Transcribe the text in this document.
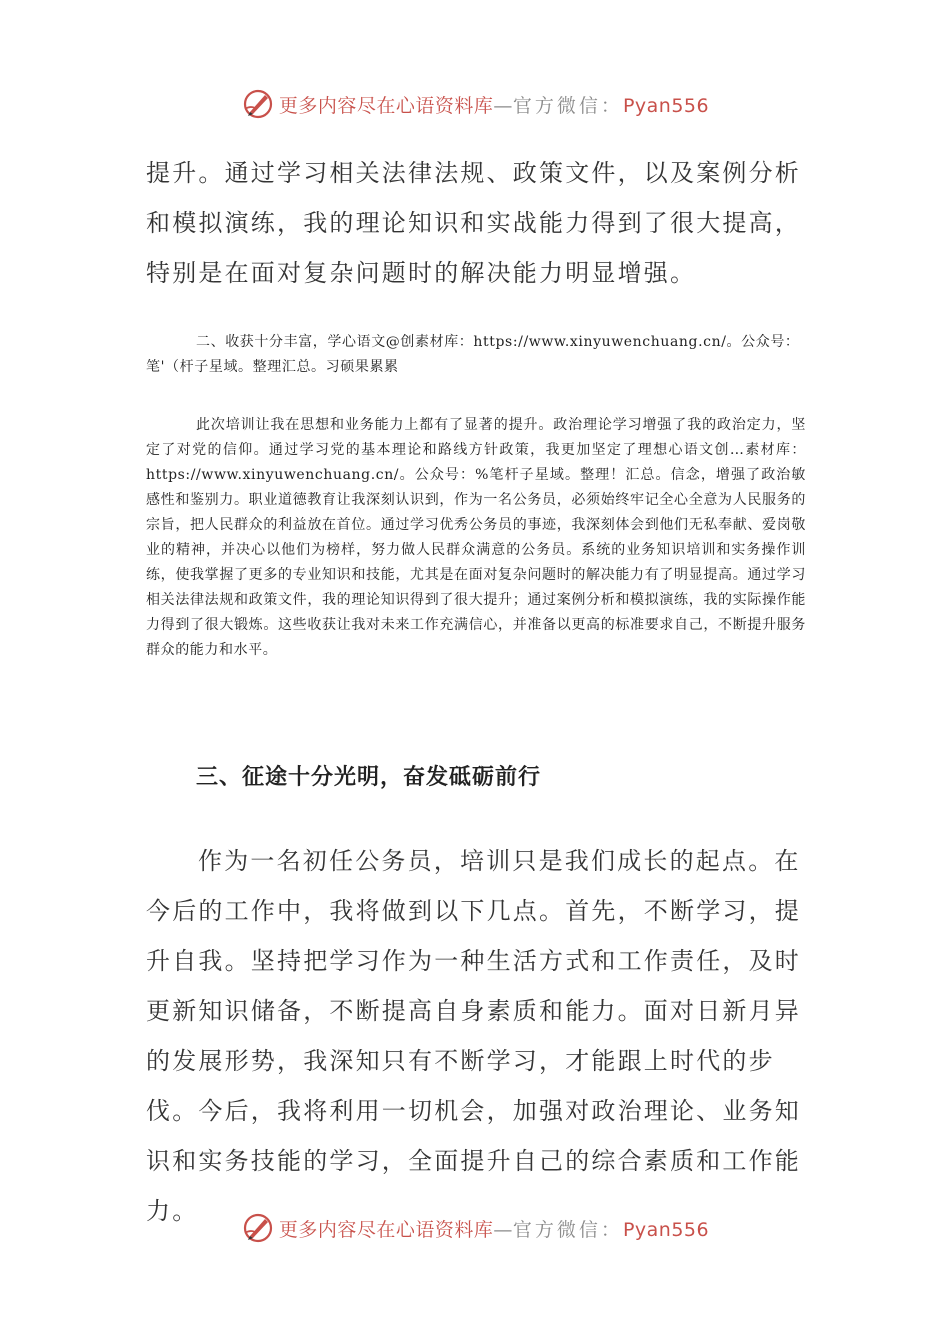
更多内容尽在心语资料库—官方微信：Pyan556

提升。通过学习相关法律法规、政策文件，以及案例分析和模拟演练，我的理论知识和实战能力得到了很大提高，特别是在面对复杂问题时的解决能力明显增强。

二、收获十分丰富，学心语文@创素材库：https://www.xinyuwenchuang.cn/。公众号：笔'（杆子星域。整理汇总。习硕果累累

此次培训让我在思想和业务能力上都有了显著的提升。政治理论学习增强了我的政治定力，坚定了对党的信仰。通过学习党的基本理论和路线方针政策，我更加坚定了理想心语文创…素材库：https://www.xinyuwenchuang.cn/。公众号：%笔杆子星域。整理！汇总。信念，增强了政治敏感性和鉴别力。职业道德教育让我深刻认识到，作为一名公务员，必须始终牢记全心全意为人民服务的宗旨，把人民群众的利益放在首位。通过学习优秀公务员的事迹，我深刻体会到他们无私奉献、爱岗敬业的精神，并决心以他们为榜样，努力做人民群众满意的公务员。系统的业务知识培训和实务操作训练，使我掌握了更多的专业知识和技能，尤其是在面对复杂问题时的解决能力有了明显提高。通过学习相关法律法规和政策文件，我的理论知识得到了很大提升；通过案例分析和模拟演练，我的实际操作能力得到了很大锻炼。这些收获让我对未来工作充满信心，并准备以更高的标准要求自己，不断提升服务群众的能力和水平。

三、征途十分光明，奋发砥砺前行

作为一名初任公务员，培训只是我们成长的起点。在今后的工作中，我将做到以下几点。首先，不断学习，提升自我。坚持把学习作为一种生活方式和工作责任，及时更新知识储备，不断提高自身素质和能力。面对日新月异的发展形势，我深知只有不断学习，才能跟上时代的步伐。今后，我将利用一切机会，加强对政治理论、业务知识和实务技能的学习，全面提升自己的综合素质和工作能力。

更多内容尽在心语资料库—官方微信：Pyan556
